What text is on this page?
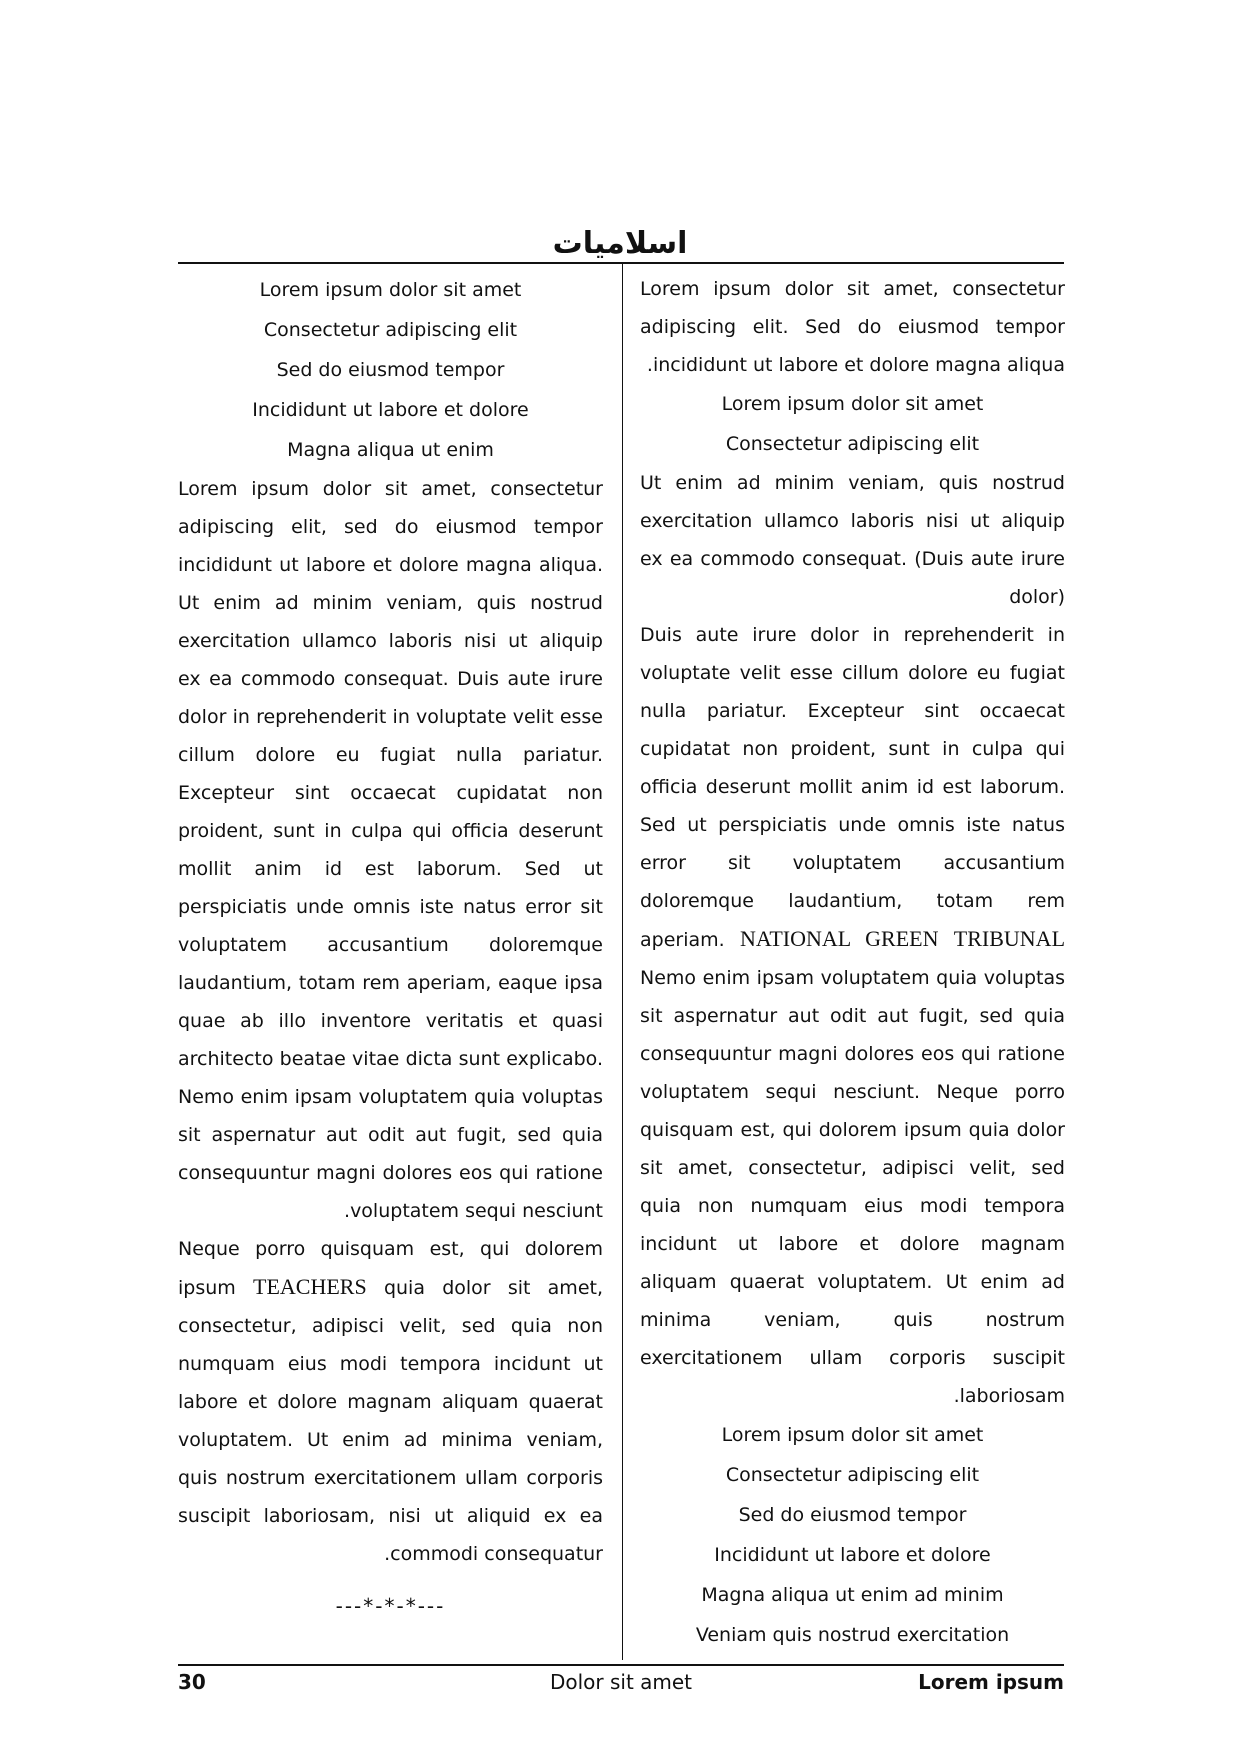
اسلامیات

Lorem ipsum dolor sit amet, consectetur adipiscing elit. Sed do eiusmod tempor incididunt ut labore et dolore magna aliqua.

Lorem ipsum dolor sit amet

Consectetur adipiscing elit

Ut enim ad minim veniam, quis nostrud exercitation ullamco laboris nisi ut aliquip ex ea commodo consequat. (Duis aute irure dolor)

Duis aute irure dolor in reprehenderit in voluptate velit esse cillum dolore eu fugiat nulla pariatur. Excepteur sint occaecat cupidatat non proident, sunt in culpa qui officia deserunt mollit anim id est laborum. Sed ut perspiciatis unde omnis iste natus error sit voluptatem accusantium doloremque laudantium, totam rem aperiam. NATIONAL GREEN TRIBUNAL Nemo enim ipsam voluptatem quia voluptas sit aspernatur aut odit aut fugit, sed quia consequuntur magni dolores eos qui ratione voluptatem sequi nesciunt. Neque porro quisquam est, qui dolorem ipsum quia dolor sit amet, consectetur, adipisci velit, sed quia non numquam eius modi tempora incidunt ut labore et dolore magnam aliquam quaerat voluptatem. Ut enim ad minima veniam, quis nostrum exercitationem ullam corporis suscipit laboriosam.

Lorem ipsum dolor sit amet

Consectetur adipiscing elit

Sed do eiusmod tempor

Incididunt ut labore et dolore

Magna aliqua ut enim ad minim

Veniam quis nostrud exercitation

Lorem ipsum dolor sit amet

Consectetur adipiscing elit

Sed do eiusmod tempor

Incididunt ut labore et dolore

Magna aliqua ut enim

Lorem ipsum dolor sit amet, consectetur adipiscing elit, sed do eiusmod tempor incididunt ut labore et dolore magna aliqua. Ut enim ad minim veniam, quis nostrud exercitation ullamco laboris nisi ut aliquip ex ea commodo consequat. Duis aute irure dolor in reprehenderit in voluptate velit esse cillum dolore eu fugiat nulla pariatur. Excepteur sint occaecat cupidatat non proident, sunt in culpa qui officia deserunt mollit anim id est laborum. Sed ut perspiciatis unde omnis iste natus error sit voluptatem accusantium doloremque laudantium, totam rem aperiam, eaque ipsa quae ab illo inventore veritatis et quasi architecto beatae vitae dicta sunt explicabo. Nemo enim ipsam voluptatem quia voluptas sit aspernatur aut odit aut fugit, sed quia consequuntur magni dolores eos qui ratione voluptatem sequi nesciunt.

Neque porro quisquam est, qui dolorem ipsum TEACHERS quia dolor sit amet, consectetur, adipisci velit, sed quia non numquam eius modi tempora incidunt ut labore et dolore magnam aliquam quaerat voluptatem. Ut enim ad minima veniam, quis nostrum exercitationem ullam corporis suscipit laboriosam, nisi ut aliquid ex ea commodi consequatur.

---*-*-*---
Lorem ipsum
Dolor sit amet
30
